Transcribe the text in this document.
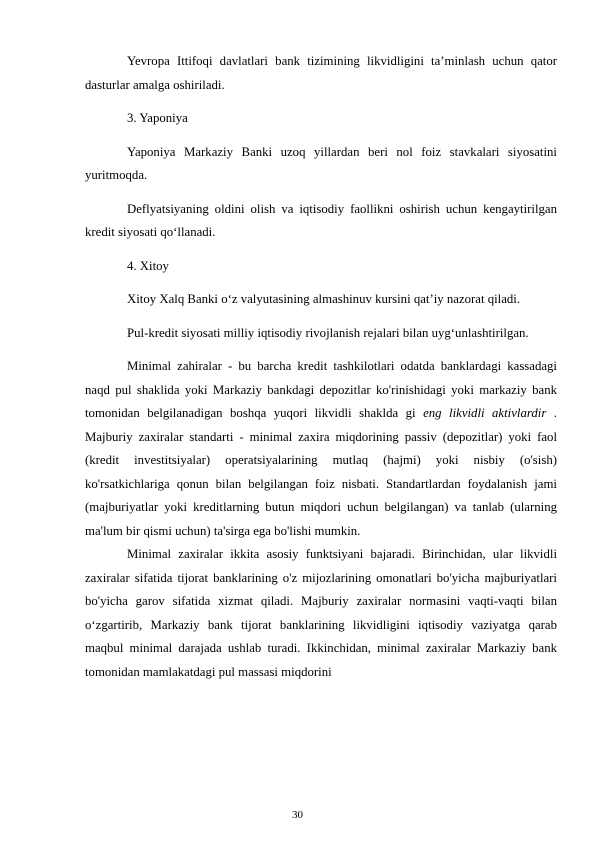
Yevropa Ittifoqi davlatlari bank tizimining likvidligini ta’minlash uchun qator dasturlar amalga oshiriladi.

3. Yaponiya

Yaponiya Markaziy Banki uzoq yillardan beri nol foiz stavkalari siyosatini yuritmoqda.

Deflyatsiyaning oldini olish va iqtisodiy faollikni oshirish uchun kengaytirilgan kredit siyosati qo‘llanadi.

4. Xitoy

Xitoy Xalq Banki o‘z valyutasining almashinuv kursini qat’iy nazorat qiladi.

Pul-kredit siyosati milliy iqtisodiy rivojlanish rejalari bilan uyg‘unlashtirilgan.

Minimal zahiralar - bu barcha kredit tashkilotlari odatda banklardagi kassadagi naqd pul shaklida yoki Markaziy bankdagi depozitlar ko'rinishidagi yoki markaziy bank tomonidan belgilanadigan boshqa yuqori likvidli shaklda gi eng likvidli aktivlardir . Majburiy zaxiralar standarti - minimal zaxira miqdorining passiv (depozitlar) yoki faol (kredit investitsiyalar) operatsiyalarining mutlaq (hajmi) yoki nisbiy (o'sish) ko'rsatkichlariga qonun bilan belgilangan foiz nisbati. Standartlardan foydalanish jami (majburiyatlar yoki kreditlarning butun miqdori uchun belgilangan) va tanlab (ularning ma'lum bir qismi uchun) ta'sirga ega bo'lishi mumkin.

Minimal zaxiralar ikkita asosiy funktsiyani bajaradi. Birinchidan, ular likvidli zaxiralar sifatida tijorat banklarining o'z mijozlarining omonatlari bo'yicha majburiyatlari bo'yicha garov sifatida xizmat qiladi. Majburiy zaxiralar normasini vaqti-vaqti bilan o‘zgartirib, Markaziy bank tijorat banklarining likvidligini iqtisodiy vaziyatga qarab maqbul minimal darajada ushlab turadi. Ikkinchidan, minimal zaxiralar Markaziy bank tomonidan mamlakatdagi pul massasi miqdorini

30
